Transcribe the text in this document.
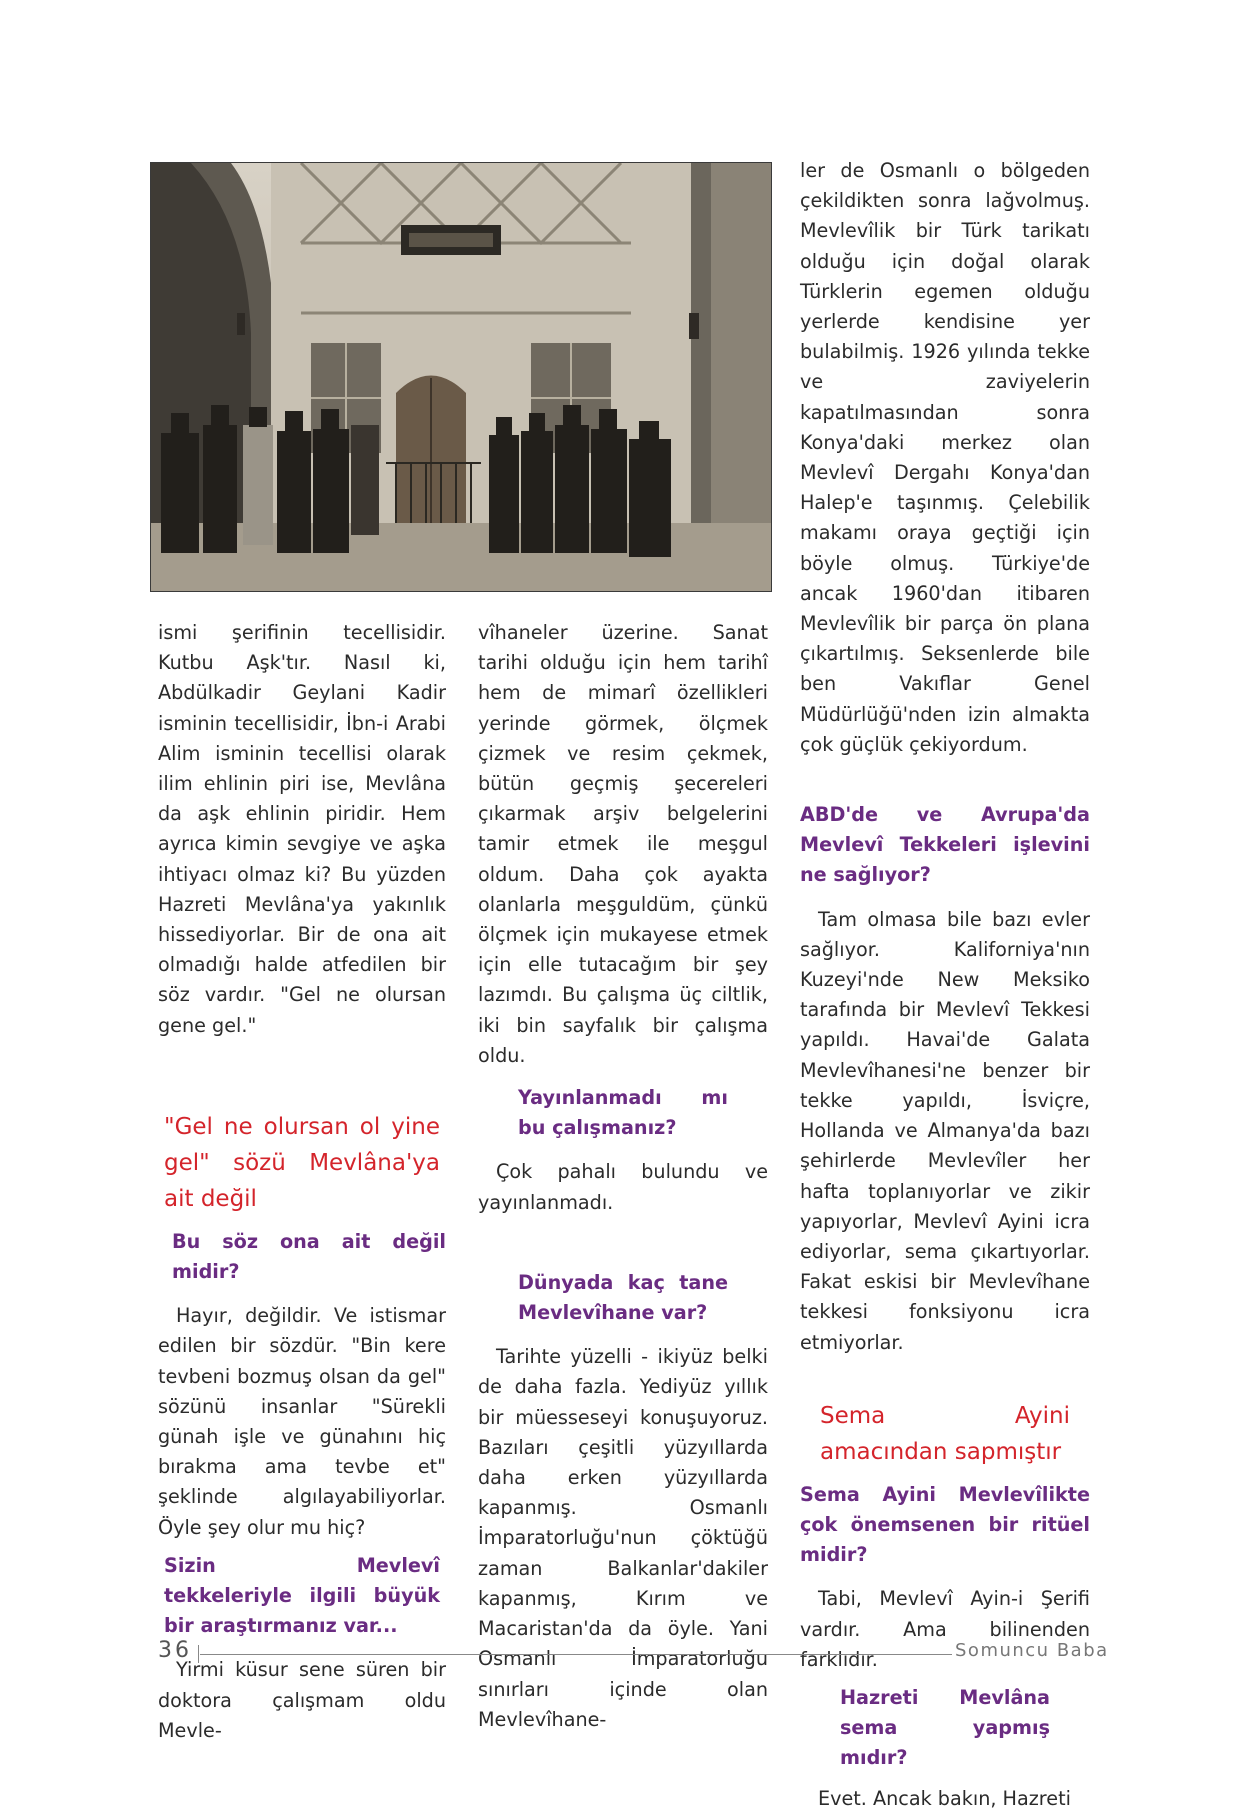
ismi şerifinin tecellisidir. Kutbu Aşk'tır. Nasıl ki, Abdülkadir Geylani Kadir isminin tecellisidir, İbn-i Arabi Alim isminin tecellisi olarak ilim ehlinin piri ise, Mevlâna da aşk ehlinin piridir. Hem ayrıca kimin sevgiye ve aşka ihtiyacı olmaz ki? Bu yüzden Hazreti Mevlâna'ya yakınlık hissediyorlar. Bir de ona ait olmadığı halde atfedilen bir söz vardır. "Gel ne olursan gene gel."

"Gel ne olursan ol yine gel" sözü Mevlâna'ya ait değil

Bu söz ona ait değil midir?

Hayır, değildir. Ve istismar edilen bir sözdür. "Bin kere tevbeni bozmuş olsan da gel" sözünü insanlar "Sürekli günah işle ve günahını hiç bırakma ama tevbe et" şeklinde algılayabiliyorlar. Öyle şey olur mu hiç?

Sizin Mevlevî tekkeleriyle ilgili büyük bir araştırmanız var...

Yirmi küsur sene süren bir doktora çalışmam oldu Mevle-

vîhaneler üzerine. Sanat tarihi olduğu için hem tarihî hem de mimarî özellikleri yerinde görmek, ölçmek çizmek ve resim çekmek, bütün geçmiş şecereleri çıkarmak arşiv belgelerini tamir etmek ile meşgul oldum. Daha çok ayakta olanlarla meşguldüm, çünkü ölçmek için mukayese etmek için elle tutacağım bir şey lazımdı. Bu çalışma üç ciltlik, iki bin sayfalık bir çalışma oldu.

Yayınlanmadı mı bu çalışmanız?

Çok pahalı bulundu ve yayınlanmadı.

Dünyada kaç tane Mevlevîhane var?

Tarihte yüzelli - ikiyüz belki de daha fazla. Yediyüz yıllık bir müesseseyi konuşuyoruz. Bazıları çeşitli yüzyıllarda daha erken yüzyıllarda kapanmış. Osmanlı İmparatorluğu'nun çöktüğü zaman Balkanlar'dakiler kapanmış, Kırım ve Macaristan'da da öyle. Yani Osmanlı İmparatorluğu sınırları içinde olan Mevlevîhane-

ler de Osmanlı o bölgeden çekildikten sonra lağvolmuş. Mevlevîlik bir Türk tarikatı olduğu için doğal olarak Türklerin egemen olduğu yerlerde kendisine yer bulabilmiş. 1926 yılında tekke ve zaviyelerin kapatılmasından sonra Konya'daki merkez olan Mevlevî Dergahı Konya'dan Halep'e taşınmış. Çelebilik makamı oraya geçtiği için böyle olmuş. Türkiye'de ancak 1960'dan itibaren Mevlevîlik bir parça ön plana çıkartılmış. Seksenlerde bile ben Vakıflar Genel Müdürlüğü'nden izin almakta çok güçlük çekiyordum.

ABD'de ve Avrupa'da Mevlevî Tekkeleri işlevini ne sağlıyor?

Tam olmasa bile bazı evler sağlıyor. Kaliforniya'nın Kuzeyi'nde New Meksiko tarafında bir Mevlevî Tekkesi yapıldı. Havai'de Galata Mevlevîhanesi'ne benzer bir tekke yapıldı, İsviçre, Hollanda ve Almanya'da bazı şehirlerde Mevlevîler her hafta toplanıyorlar ve zikir yapıyorlar, Mevlevî Ayini icra ediyorlar, sema çıkartıyorlar. Fakat eskisi bir Mevlevîhane tekkesi fonksiyonu icra etmiyorlar.

Sema Ayini amacından sapmıştır

Sema Ayini Mevlevîlikte çok önemsenen bir ritüel midir?

Tabi, Mevlevî Ayin-i Şerifi vardır. Ama bilinenden farklıdır.

Hazreti Mevlâna sema yapmış mıdır?

Evet. Ancak bakın, Hazreti

36	Somuncu Baba
